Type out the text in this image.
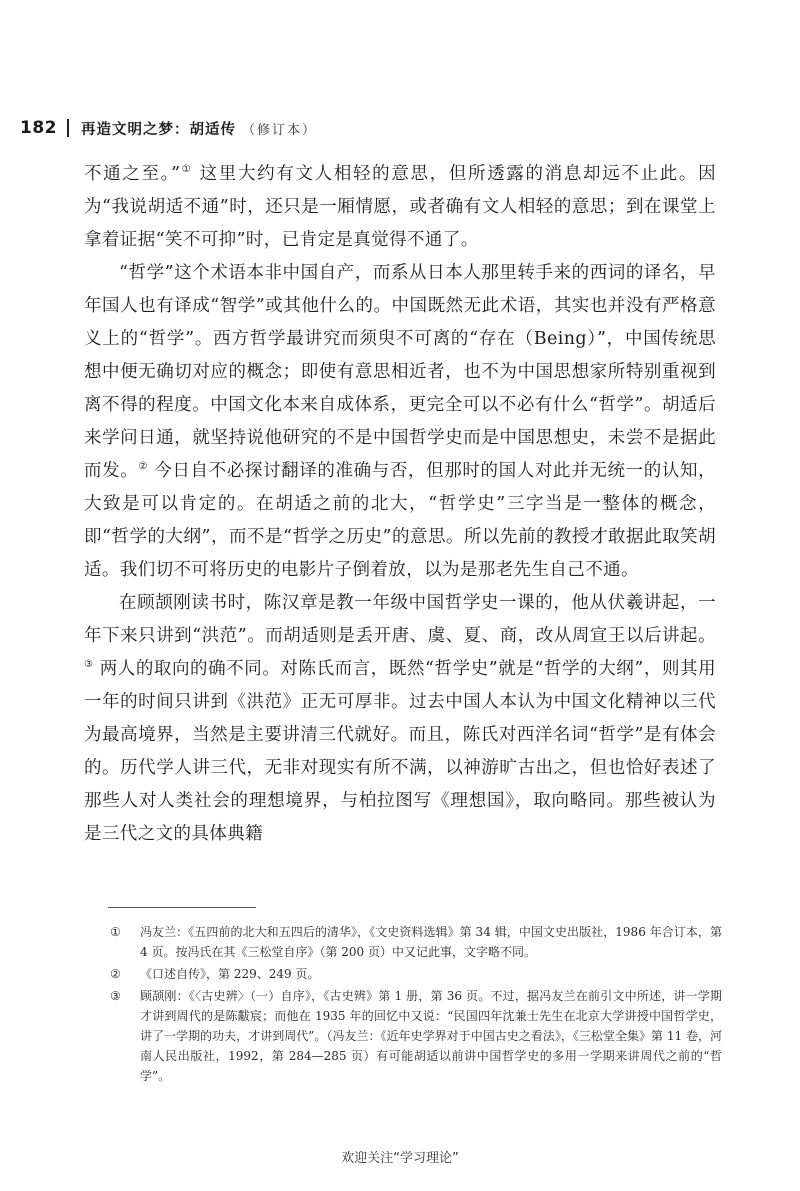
182 再造文明之梦：胡适传 （修订本）

不通之至。”① 这里大约有文人相轻的意思，但所透露的消息却远不止此。因为“我说胡适不通”时，还只是一厢情愿，或者确有文人相轻的意思；到在课堂上拿着证据“笑不可抑”时，已肯定是真觉得不通了。

“哲学”这个术语本非中国自产，而系从日本人那里转手来的西词的译名，早年国人也有译成“智学”或其他什么的。中国既然无此术语，其实也并没有严格意义上的“哲学”。西方哲学最讲究而须臾不可离的“存在（Being）”，中国传统思想中便无确切对应的概念；即使有意思相近者，也不为中国思想家所特别重视到离不得的程度。中国文化本来自成体系，更完全可以不必有什么“哲学”。胡适后来学问日通，就坚持说他研究的不是中国哲学史而是中国思想史，未尝不是据此而发。② 今日自不必探讨翻译的准确与否，但那时的国人对此并无统一的认知，大致是可以肯定的。在胡适之前的北大，“哲学史”三字当是一整体的概念，即“哲学的大纲”，而不是“哲学之历史”的意思。所以先前的教授才敢据此取笑胡适。我们切不可将历史的电影片子倒着放，以为是那老先生自己不通。

在顾颉刚读书时，陈汉章是教一年级中国哲学史一课的，他从伏羲讲起，一年下来只讲到“洪范”。而胡适则是丢开唐、虞、夏、商，改从周宣王以后讲起。③ 两人的取向的确不同。对陈氏而言，既然“哲学史”就是“哲学的大纲”，则其用一年的时间只讲到《洪范》正无可厚非。过去中国人本认为中国文化精神以三代为最高境界，当然是主要讲清三代就好。而且，陈氏对西洋名词“哲学”是有体会的。历代学人讲三代，无非对现实有所不满，以神游旷古出之，但也恰好表述了那些人对人类社会的理想境界，与柏拉图写《理想国》，取向略同。那些被认为是三代之文的具体典籍

① 冯友兰：《五四前的北大和五四后的清华》，《文史资料选辑》第 34 辑，中国文史出版社，1986 年合订本，第 4 页。按冯氏在其《三松堂自序》（第 200 页）中又记此事，文字略不同。
② 《口述自传》，第 229、249 页。
③ 顾颉刚：《〈古史辨〉（一）自序》，《古史辨》第 1 册，第 36 页。不过，据冯友兰在前引文中所述，讲一学期才讲到周代的是陈黻宸；而他在 1935 年的回忆中又说：“民国四年沈兼士先生在北京大学讲授中国哲学史，讲了一学期的功夫，才讲到周代”。（冯友兰：《近年史学界对于中国古史之看法》，《三松堂全集》第 11 卷，河南人民出版社，1992，第 284—285 页）有可能胡适以前讲中国哲学史的多用一学期来讲周代之前的“哲学”。
欢迎关注“学习理论”
